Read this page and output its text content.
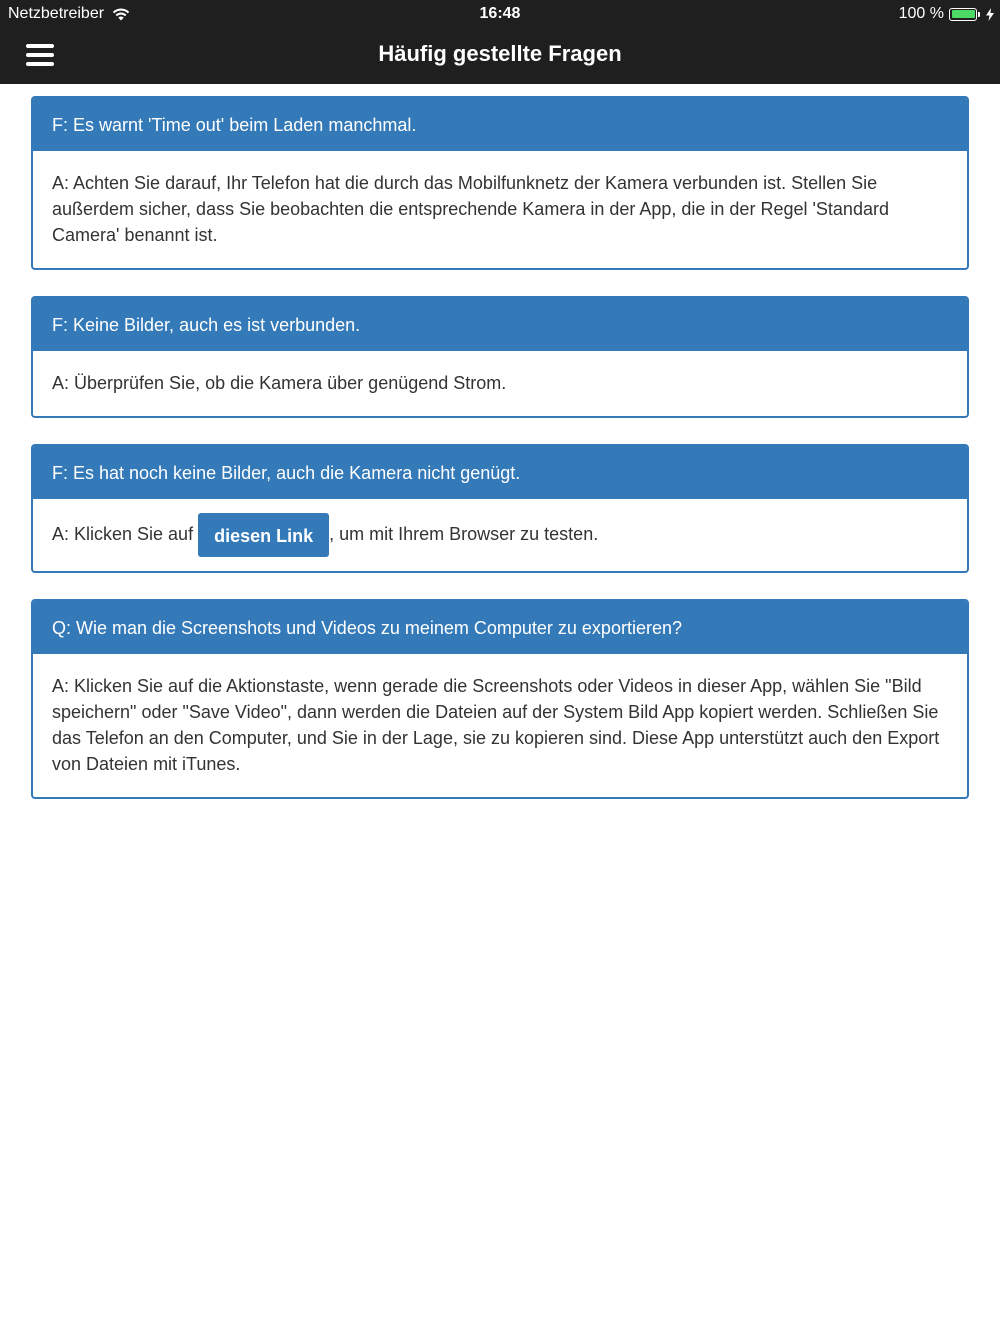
Netzbetreiber	16:48	100 %
Häufig gestellte Fragen
F: Es warnt 'Time out' beim Laden manchmal.
A: Achten Sie darauf, Ihr Telefon hat die durch das Mobilfunknetz der Kamera verbunden ist. Stellen Sie außerdem sicher, dass Sie beobachten die entsprechende Kamera in der App, die in der Regel 'Standard Camera' benannt ist.
F: Keine Bilder, auch es ist verbunden.
A: Überprüfen Sie, ob die Kamera über genügend Strom.
F: Es hat noch keine Bilder, auch die Kamera nicht genügt.
A: Klicken Sie auf diesen Link , um mit Ihrem Browser zu testen.
Q: Wie man die Screenshots und Videos zu meinem Computer zu exportieren?
A: Klicken Sie auf die Aktionstaste, wenn gerade die Screenshots oder Videos in dieser App, wählen Sie "Bild speichern" oder "Save Video", dann werden die Dateien auf der System Bild App kopiert werden. Schließen Sie das Telefon an den Computer, und Sie in der Lage, sie zu kopieren sind. Diese App unterstützt auch den Export von Dateien mit iTunes.
